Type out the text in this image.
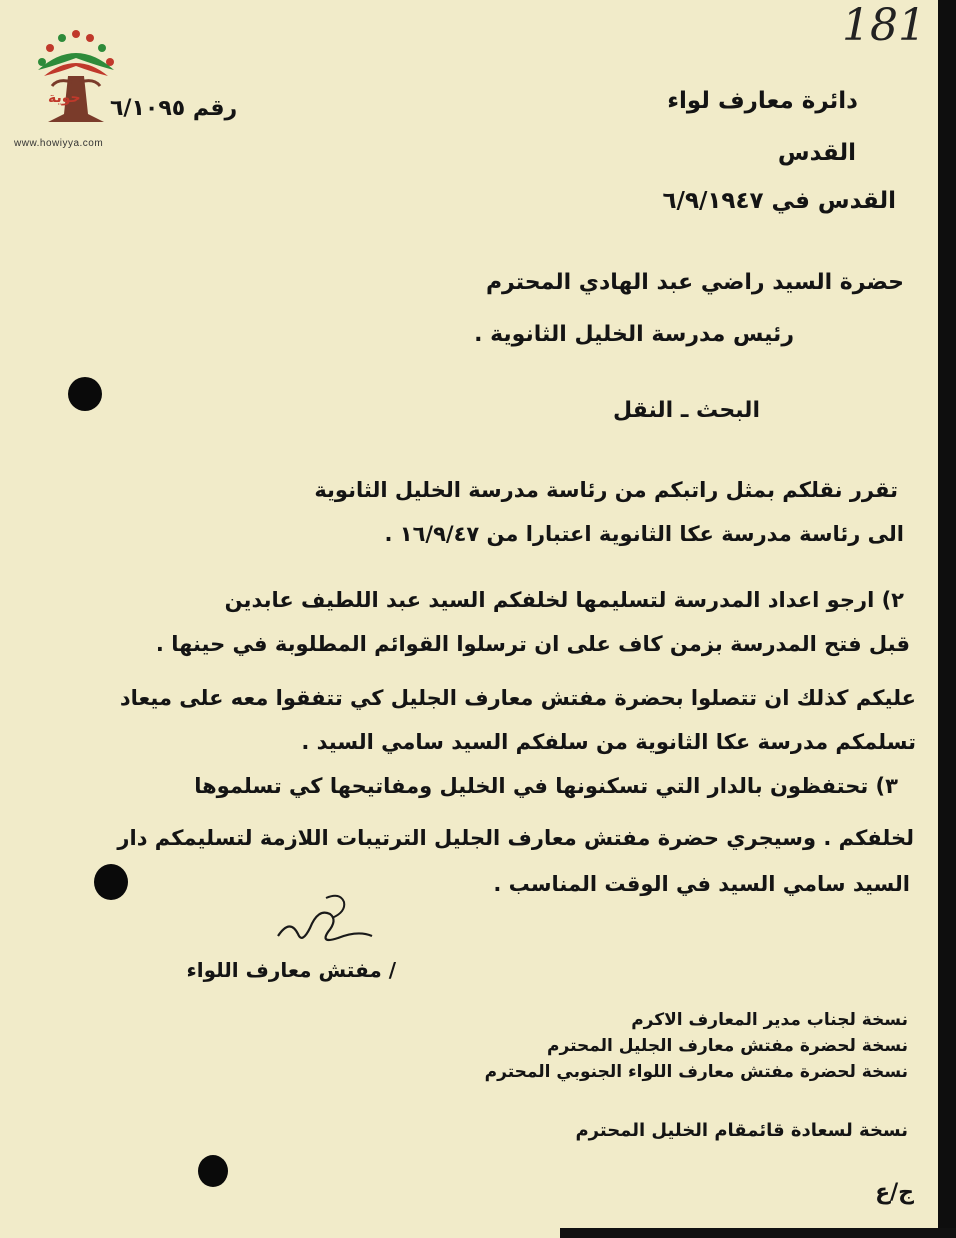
حوية
www.howiyya.com
181
دائرة معارف لواء
رقم ٦/١٠٩٥
القدس
القدس في ٦/٩/١٩٤٧
حضرة السيد راضي عبد الهادي المحترم
رئيس مدرسة الخليل الثانوية .
البحث ـ النقل
تقرر نقلكم بمثل راتبكم من رئاسة مدرسة الخليل الثانوية
الى رئاسة مدرسة عكا الثانوية اعتبارا من ١٦/٩/٤٧ .
٢) ارجو اعداد المدرسة لتسليمها لخلفكم السيد عبد اللطيف عابدين
قبل فتح المدرسة بزمن كاف على ان ترسلوا القوائم المطلوبة في حينها .
عليكم كذلك ان تتصلوا بحضرة مفتش معارف الجليل كي تتفقوا معه على ميعاد
تسلمكم مدرسة عكا الثانوية من سلفكم السيد سامي السيد .
٣) تحتفظون بالدار التي تسكنونها في الخليل ومفاتيحها كي تسلموها
لخلفكم . وسيجري حضرة مفتش معارف الجليل الترتيبات اللازمة لتسليمكم دار
السيد سامي السيد في الوقت المناسب .
/ مفتش معارف اللواء
نسخة لجناب مدير المعارف الاكرم
نسخة لحضرة مفتش معارف الجليل المحترم
نسخة لحضرة مفتش معارف اللواء الجنوبي المحترم
نسخة لسعادة قائمقام الخليل المحترم
ج/ع
